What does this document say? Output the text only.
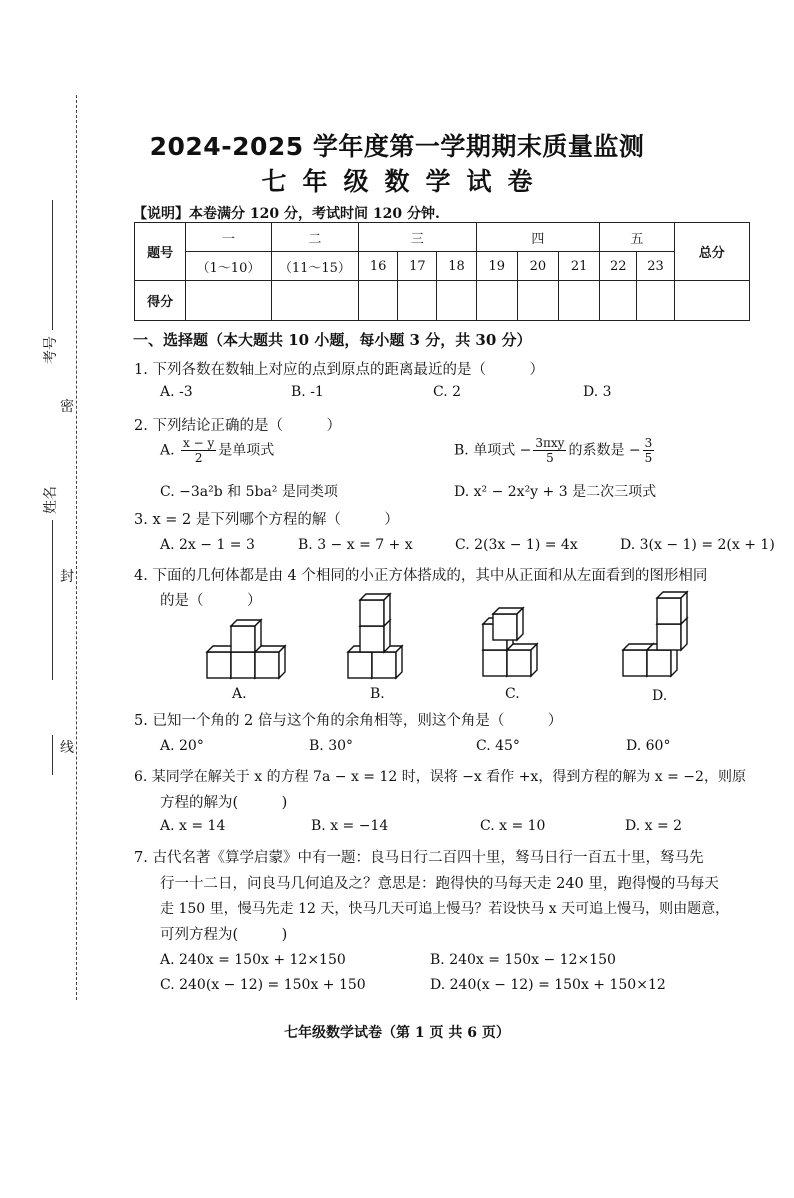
考号
密
姓名
封
线
2024-2025 学年度第一学期期末质量监测
七年级数学试卷
【说明】本卷满分 120 分，考试时间 120 分钟.
题号	一	二	三			四			五		总分
	（1～10）	（11～15）	16	17	18	19	20	21	22	23	
得分											
一、选择题（本大题共 10 小题，每小题 3 分，共 30 分）
1. 下列各数在数轴上对应的点到原点的距离最近的是（　　　）
A. -3	B. -1	C. 2	D. 3
2. 下列结论正确的是（　　　）
A. $\frac{x - y}{2}$ 是单项式	B. 单项式 − $\frac{\text{3πxy}}{5}$ 的系数是 − $\frac{3}{5}$
C. −3a²b 和 5ba² 是同类项	D. x² − 2x²y + 3 是二次三项式
3. x = 2 是下列哪个方程的解（　　　）
A. 2x − 1 = 3	B. 3 − x = 7 + x	C. 2(3x − 1) = 4x	D. 3(x − 1) = 2(x + 1)
4. 下面的几何体都是由 4 个相同的小正方体搭成的，其中从正面和从左面看到的图形相同
的是（　　　）
A.	B.	C.	D.
5. 已知一个角的 2 倍与这个角的余角相等，则这个角是（　　　）
A. 20°	B. 30°	C. 45°	D. 60°
6. 某同学在解关于 x 的方程 7a − x = 12 时，误将 −x 看作 +x，得到方程的解为 x = −2，则原
方程的解为(　　　)
A. x = 14	B. x = −14	C. x = 10	D. x = 2
7. 古代名著《算学启蒙》中有一题：良马日行二百四十里，驽马日行一百五十里，驽马先
行一十二日，问良马几何追及之？意思是：跑得快的马每天走 240 里，跑得慢的马每天
走 150 里，慢马先走 12 天，快马几天可追上慢马？若设快马 x 天可追上慢马，则由题意，
可列方程为(　　　)
A. 240x = 150x + 12×150	B. 240x = 150x − 12×150
C. 240(x − 12) = 150x + 150	D. 240(x − 12) = 150x + 150×12
七年级数学试卷（第 1 页 共 6 页）
